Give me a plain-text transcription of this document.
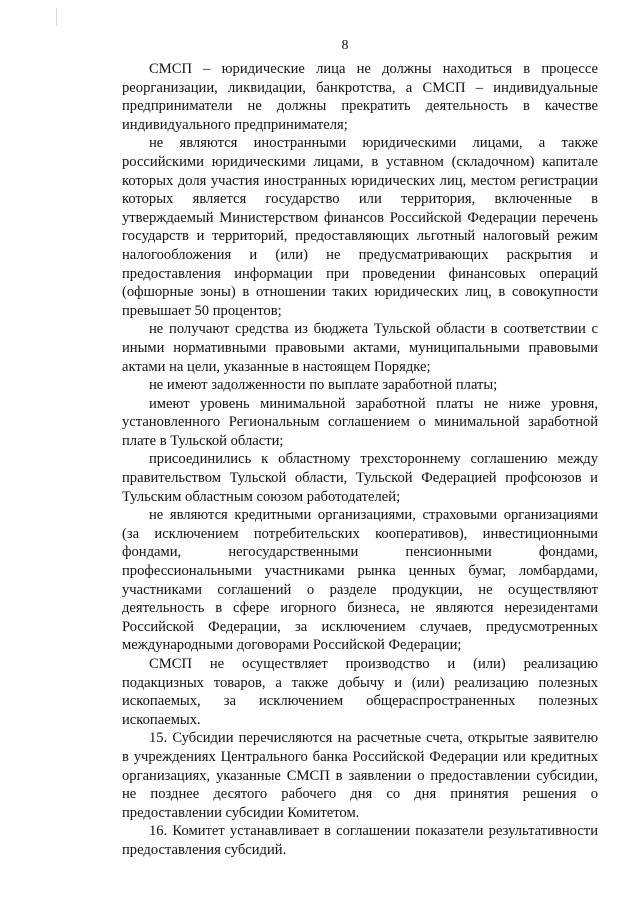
8

СМСП – юридические лица не должны находиться в процессе реорганизации, ликвидации, банкротства, а СМСП – индивидуальные предприниматели не должны прекратить деятельность в качестве индивидуального предпринимателя;

не являются иностранными юридическими лицами, а также российскими юридическими лицами, в уставном (складочном) капитале которых доля участия иностранных юридических лиц, местом регистрации которых является государство или территория, включенные в утверждаемый Министерством финансов Российской Федерации перечень государств и территорий, предоставляющих льготный налоговый режим налогообложения и (или) не предусматривающих раскрытия и предоставления информации при проведении финансовых операций (офшорные зоны) в отношении таких юридических лиц, в совокупности превышает 50 процентов;

не получают средства из бюджета Тульской области в соответствии с иными нормативными правовыми актами, муниципальными правовыми актами на цели, указанные в настоящем Порядке;

не имеют задолженности по выплате заработной платы;

имеют уровень минимальной заработной платы не ниже уровня, установленного Региональным соглашением о минимальной заработной плате в Тульской области;

присоединились к областному трехстороннему соглашению между правительством Тульской области, Тульской Федерацией профсоюзов и Тульским областным союзом работодателей;

не являются кредитными организациями, страховыми организациями (за исключением потребительских кооперативов), инвестиционными фондами, негосударственными пенсионными фондами, профессиональными участниками рынка ценных бумаг, ломбардами, участниками соглашений о разделе продукции, не осуществляют деятельность в сфере игорного бизнеса, не являются нерезидентами Российской Федерации, за исключением случаев, предусмотренных международными договорами Российской Федерации;

СМСП не осуществляет производство и (или) реализацию подакцизных товаров, а также добычу и (или) реализацию полезных ископаемых, за исключением общераспространенных полезных ископаемых.

15. Субсидии перечисляются на расчетные счета, открытые заявителю в учреждениях Центрального банка Российской Федерации или кредитных организациях, указанные СМСП в заявлении о предоставлении субсидии, не позднее десятого рабочего дня со дня принятия решения о предоставлении субсидии Комитетом.

16. Комитет устанавливает в соглашении показатели результативности предоставления субсидий.
